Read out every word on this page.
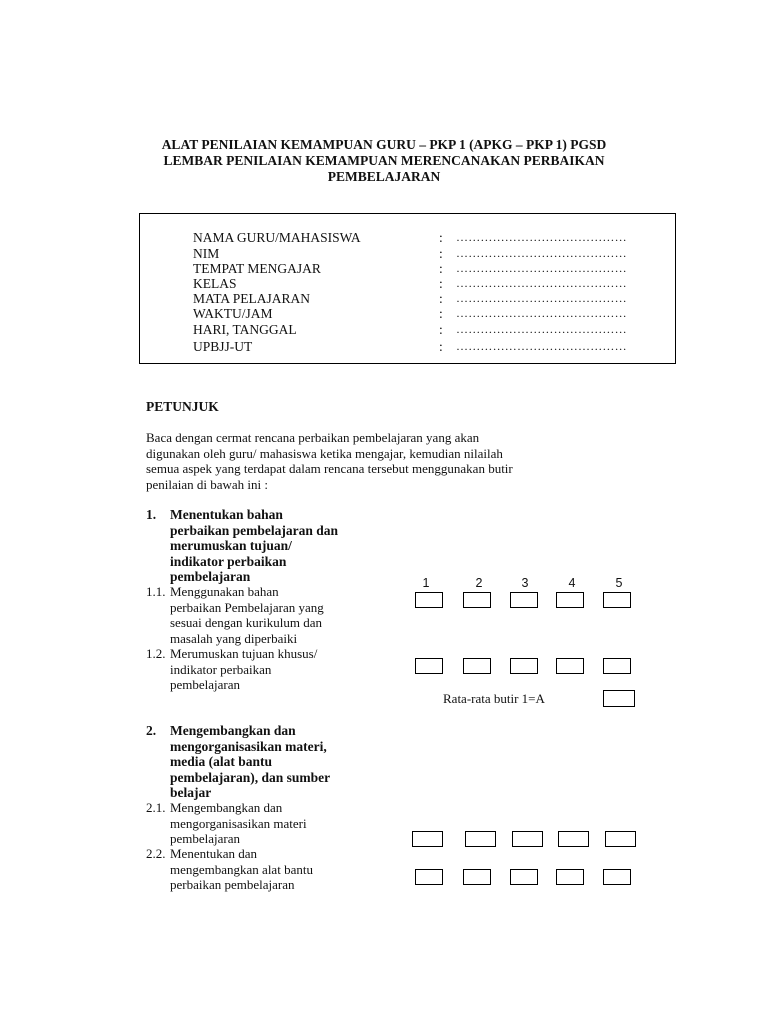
ALAT PENILAIAN KEMAMPUAN GURU – PKP 1 (APKG – PKP 1) PGSD
LEMBAR PENILAIAN KEMAMPUAN MERENCANAKAN PERBAIKAN
PEMBELAJARAN
NAMA GURU/MAHASISWA	: ……………………………………
NIM	: ……………………………………
TEMPAT MENGAJAR	: ……………………………………
KELAS	: ……………………………………
MATA PELAJARAN	: ……………………………………
WAKTU/JAM	: ……………………………………
HARI, TANGGAL	: ……………………………………
UPBJJ-UT	: ……………………………………
PETUNJUK
Baca dengan cermat rencana perbaikan pembelajaran yang akan
digunakan oleh guru/ mahasiswa ketika mengajar, kemudian nilailah
semua aspek yang terdapat dalam rencana tersebut menggunakan butir
penilaian di bawah ini :
1. Menentukan bahan
perbaikan pembelajaran dan
merumuskan tujuan/
indikator perbaikan
pembelajaran	1	2	3	4	5
1.1. Menggunakan bahan
perbaikan Pembelajaran yang
sesuai dengan kurikulum dan
masalah yang diperbaiki
1.2. Merumuskan tujuan khusus/
indikator perbaikan
pembelajaran
Rata-rata butir 1=A
2. Mengembangkan dan
mengorganisasikan materi,
media (alat bantu
pembelajaran), dan sumber
belajar
2.1. Mengembangkan dan
mengorganisasikan materi
pembelajaran
2.2. Menentukan dan
mengembangkan alat bantu
perbaikan pembelajaran
